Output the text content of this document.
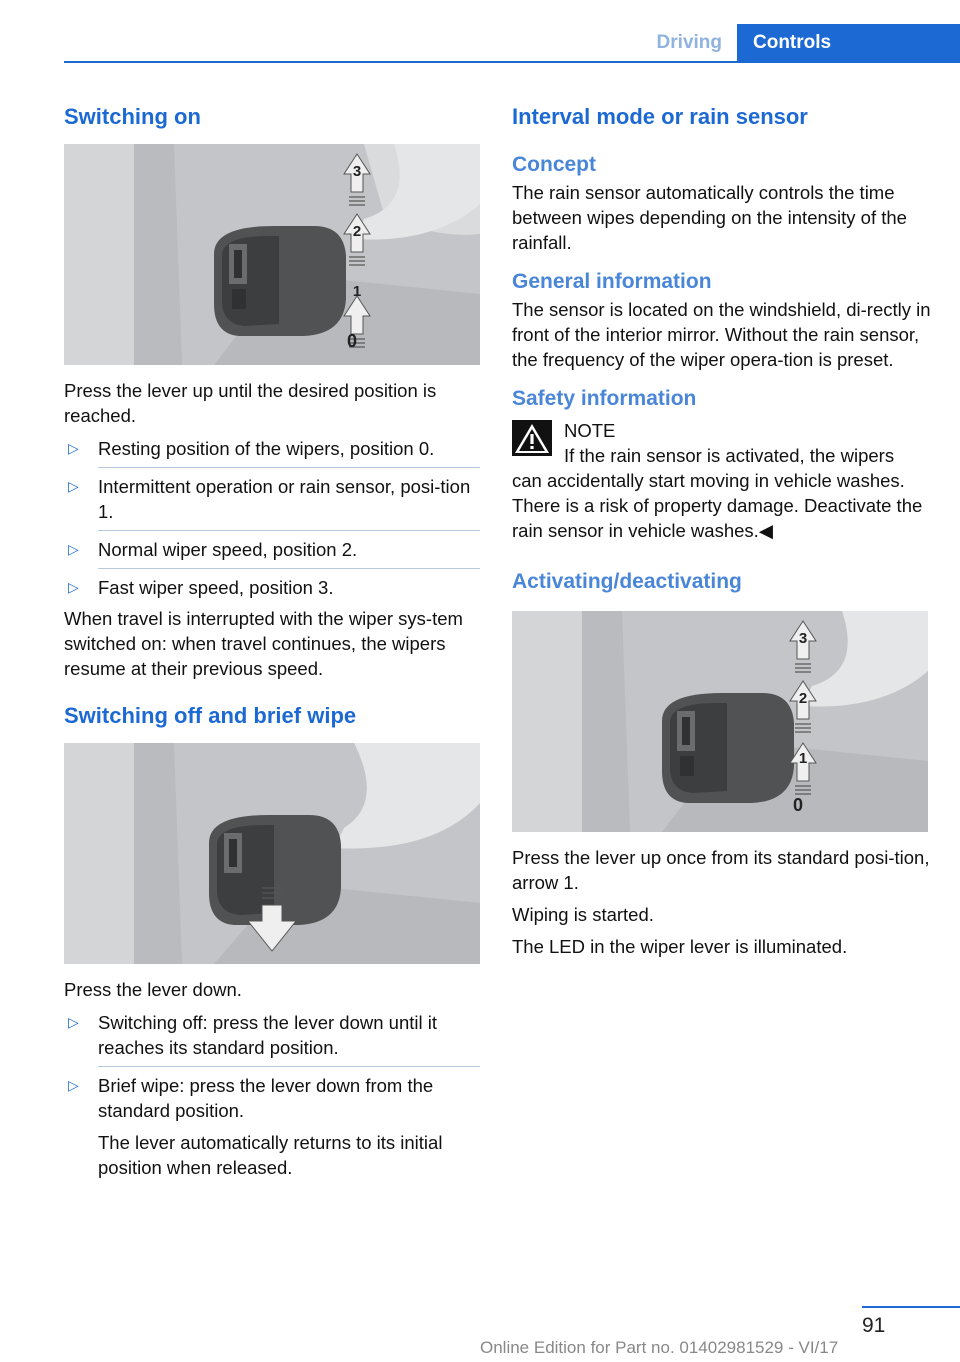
Driving	Controls
Switching on
3
2
1
0

Press the lever up until the desired position is reached.

▷ Resting position of the wipers, position 0.
▷ Intermittent operation or rain sensor, posi‐tion 1.
▷ Normal wiper speed, position 2.
▷ Fast wiper speed, position 3.

When travel is interrupted with the wiper sys‐tem switched on: when travel continues, the wipers resume at their previous speed.

Switching off and brief wipe

Press the lever down.

▷ Switching off: press the lever down until it reaches its standard position.
▷ Brief wipe: press the lever down from the standard position.
The lever automatically returns to its initial position when released.
Interval mode or rain sensor
Concept

The rain sensor automatically controls the time between wipes depending on the intensity of the rainfall.

General information

The sensor is located on the windshield, di‐rectly in front of the interior mirror. Without the rain sensor, the frequency of the wiper opera‐tion is preset.

Safety information
NOTE
If the rain sensor is activated, the wipers

can accidentally start moving in vehicle washes. There is a risk of property damage. Deactivate the rain sensor in vehicle washes.◀

Activating/deactivating
3
2
1
0

Press the lever up once from its standard posi‐tion, arrow 1.

Wiping is started.

The LED in the wiper lever is illuminated.

91
Online Edition for Part no. 01402981529 - VI/17
